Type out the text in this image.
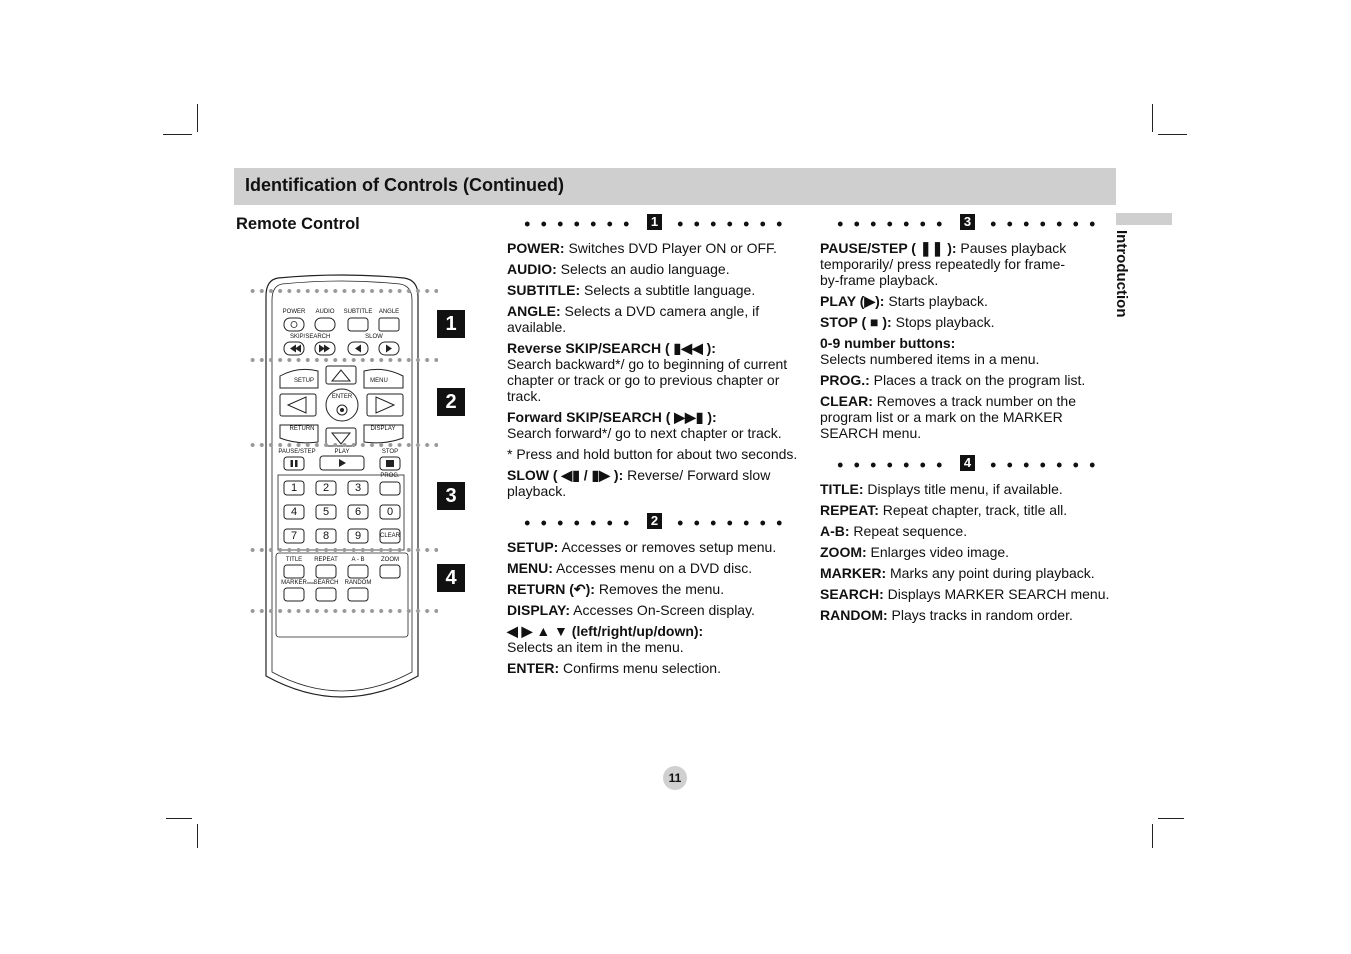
Identification of Controls (Continued)
Remote Control
Introduction
POWER	AUDIO	SUBTITLE	ANGLE
SKIP/SEARCH	SLOW
SETUP	MENU
ENTER
RETURN	DISPLAY
PAUSE/STEP	PLAY	STOP
PROG.
CLEAR
1	2	3
4	5	6	0
7	8	9
TITLE	REPEAT	A - B	ZOOM
MARKER	SEARCH	RANDOM
1
2
3
4
1

POWER: Switches DVD Player ON or OFF.

AUDIO: Selects an audio language.

SUBTITLE: Selects a subtitle language.

ANGLE: Selects a DVD camera angle, if available.

Reverse SKIP/SEARCH ( ▮◀◀ ):
Search backward*/ go to beginning of current chapter or track or go to previous chapter or track.

Forward SKIP/SEARCH ( ▶▶▮ ):
Search forward*/ go to next chapter or track.

* Press and hold button for about two seconds.

SLOW ( ◀▮ / ▮▶ ): Reverse/ Forward slow playback.

2

SETUP: Accesses or removes setup menu.

MENU: Accesses menu on a DVD disc.

RETURN (↶): Removes the menu.

DISPLAY: Accesses On-Screen display.

◀ ▶ ▲ ▼ (left/right/up/down):
Selects an item in the menu.

ENTER: Confirms menu selection.

3

PAUSE/STEP ( ❚❚ ): Pauses playback temporarily/ press repeatedly for frame-by-frame playback.

PLAY (▶): Starts playback.

STOP ( ■ ): Stops playback.

0-9 number buttons:
Selects numbered items in a menu.

PROG.: Places a track on the program list.

CLEAR: Removes a track number on the program list or a mark on the MARKER SEARCH menu.

4

TITLE: Displays title menu, if available.

REPEAT: Repeat chapter, track, title all.

A-B: Repeat sequence.

ZOOM: Enlarges video image.

MARKER: Marks any point during playback.

SEARCH: Displays MARKER SEARCH menu.

RANDOM: Plays tracks in random order.

11
